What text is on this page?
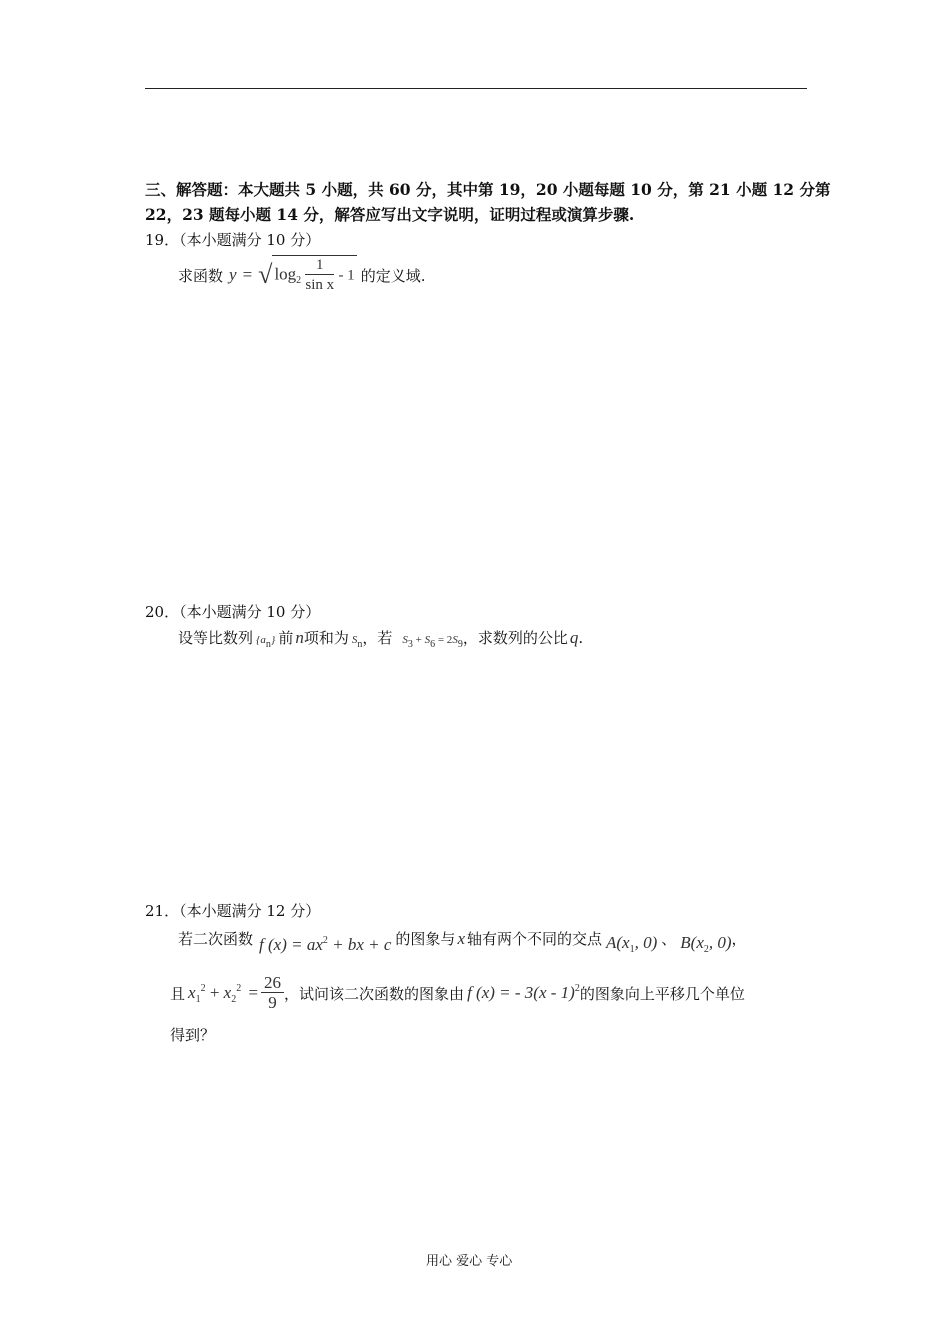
三、解答题：本大题共 5 小题，共 60 分，其中第 19，20 小题每题 10 分，第 21 小题 12 分第
22，23 题每小题 14 分，解答应写出文字说明，证明过程或演算步骤.
19．（本小题满分 10 分）
求函数 y = √ $\log_2 \frac{1}{\text{sin x}} - 1$ 的定义域.
20．（本小题满分 10 分）
设等比数列 {an} 前 n 项和为 Sn ，若 S3 + S6 = 2S9 ，求数列的公比 q .
21．（本小题满分 12 分）
若二次函数 f $(x) = ax^2$ + bx + c 的图象与 x 轴有两个不同的交点 $A(x_1$, 0) 、 $B(x_2$, 0) ，
且 $x_1^2 + x_2^2 = \frac{26}{9}$ ，试问该二次函数的图象由 f (x) = - 3(x - 1)$^2$ 的图象向上平移几个单位
得到？
用心 爱心 专心
